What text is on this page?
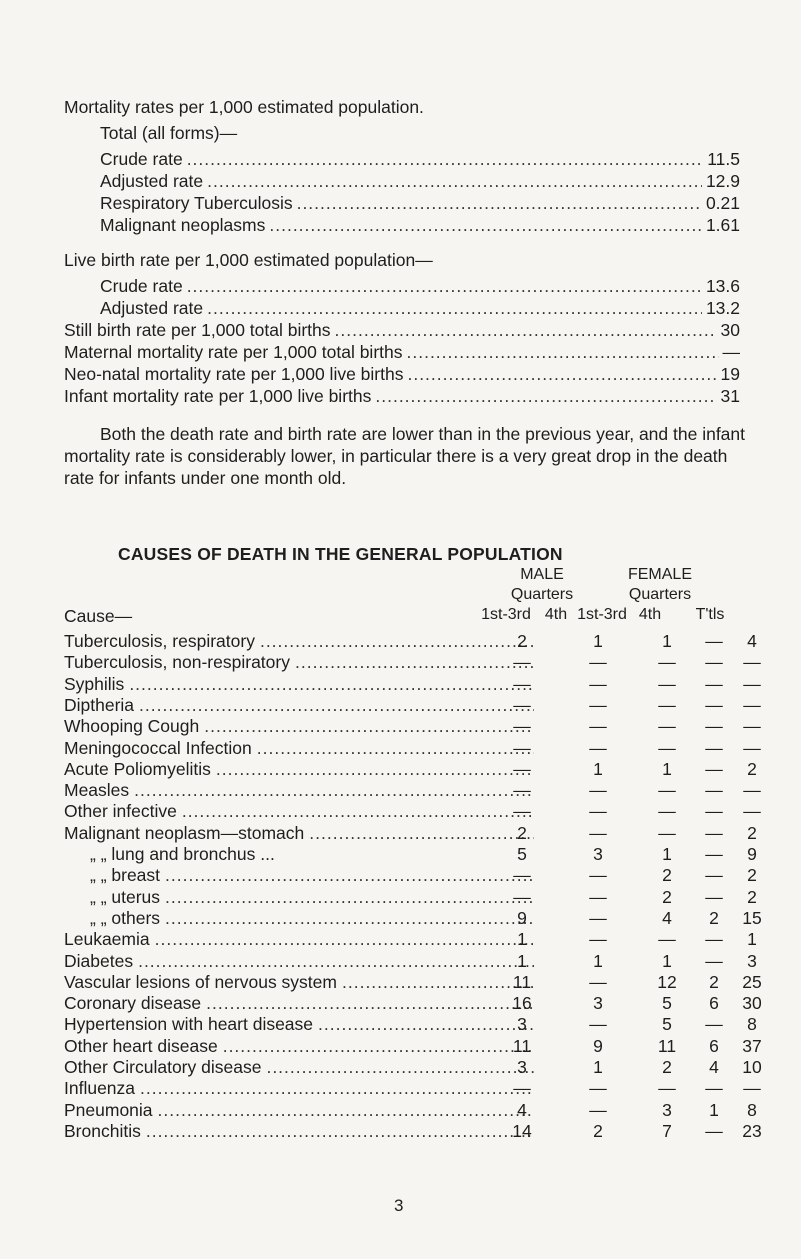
Mortality rates per 1,000 estimated population.
Total (all forms)—
Crude rate .....	11.5
Adjusted rate .....	12.9
Respiratory Tuberculosis .....	0.21
Malignant neoplasms .....	1.61
Live birth rate per 1,000 estimated population—
Crude rate .....	13.6
Adjusted rate .....	13.2
Still birth rate per 1,000 total births .....	30
Maternal mortality rate per 1,000 total births .....	—
Neo-natal mortality rate per 1,000 live births .....	19
Infant mortality rate per 1,000 live births .....	31
Both the death rate and birth rate are lower than in the previous year, and the infant mortality rate is considerably lower, in particular there is a very great drop in the death rate for infants under one month old.
CAUSES OF DEATH IN THE GENERAL POPULATION
MALE	FEMALE
Quarters	Quarters
Cause—	1st-3rd 4th 1st-3rd 4th	T'tls
Tuberculosis, respiratory .....	2	1	1	—	4
Tuberculosis, non-respiratory .....	—	—	—	—	—
Syphilis .....	—	—	—	—	—
Diptheria .....	—	—	—	—	—
Whooping Cough .....	—	—	—	—	—
Meningococcal Infection .....	—	—	—	—	—
Acute Poliomyelitis .....	—	1	1	—	2
Measles .....	—	—	—	—	—
Other infective .....	—	—	—	—	—
Malignant neoplasm—stomach .....	2	—	—	—	2
„ „ lung and bronchus ...	5	3	1	—	9
„ „ breast .....	—	—	2	—	2
„ „ uterus .....	—	—	2	—	2
„ „ others .....	9	—	4	2	15
Leukaemia .....	1	—	—	—	1
Diabetes .....	1	1	1	—	3
Vascular lesions of nervous system .....	11	—	12	2	25
Coronary disease .....	16	3	5	6	30
Hypertension with heart disease .....	3	—	5	—	8
Other heart disease .....	11	9	11	6	37
Other Circulatory disease .....	3	1	2	4	10
Influenza .....	—	—	—	—	—
Pneumonia .....	4	—	3	1	8
Bronchitis .....	14	2	7	—	23
3
